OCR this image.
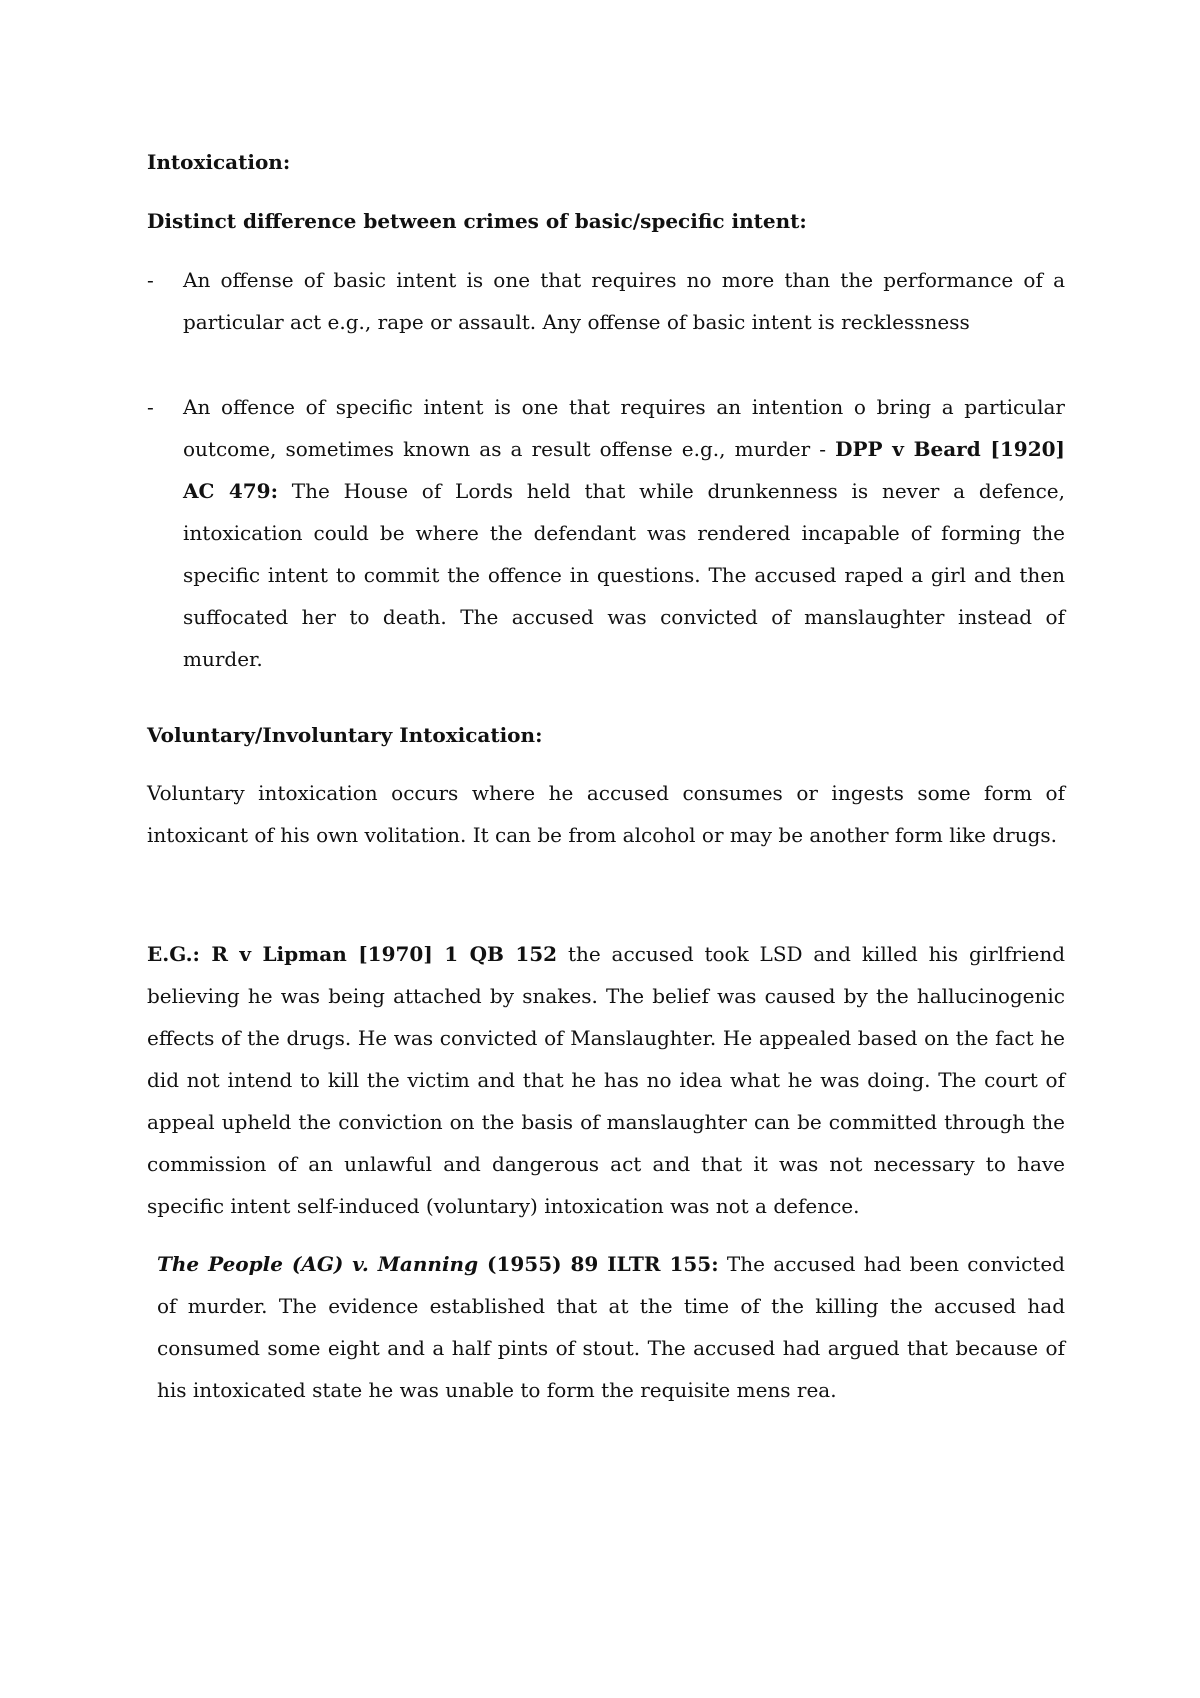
Intoxication:
Distinct difference between crimes of basic/specific intent:
- An offense of basic intent is one that requires no more than the performance of a particular act e.g., rape or assault. Any offense of basic intent is recklessness
- An offence of specific intent is one that requires an intention o bring a particular outcome, sometimes known as a result offense e.g., murder - DPP v Beard [1920] AC 479: The House of Lords held that while drunkenness is never a defence, intoxication could be where the defendant was rendered incapable of forming the specific intent to commit the offence in questions. The accused raped a girl and then suffocated her to death. The accused was convicted of manslaughter instead of murder.
Voluntary/Involuntary Intoxication:
Voluntary intoxication occurs where he accused consumes or ingests some form of intoxicant of his own volitation. It can be from alcohol or may be another form like drugs.
E.G.: R v Lipman [1970] 1 QB 152 the accused took LSD and killed his girlfriend believing he was being attached by snakes. The belief was caused by the hallucinogenic effects of the drugs. He was convicted of Manslaughter. He appealed based on the fact he did not intend to kill the victim and that he has no idea what he was doing. The court of appeal upheld the conviction on the basis of manslaughter can be committed through the commission of an unlawful and dangerous act and that it was not necessary to have specific intent self-induced (voluntary) intoxication was not a defence.
The People (AG) v. Manning (1955) 89 ILTR 155: The accused had been convicted of murder. The evidence established that at the time of the killing the accused had consumed some eight and a half pints of stout. The accused had argued that because of his intoxicated state he was unable to form the requisite mens rea.
